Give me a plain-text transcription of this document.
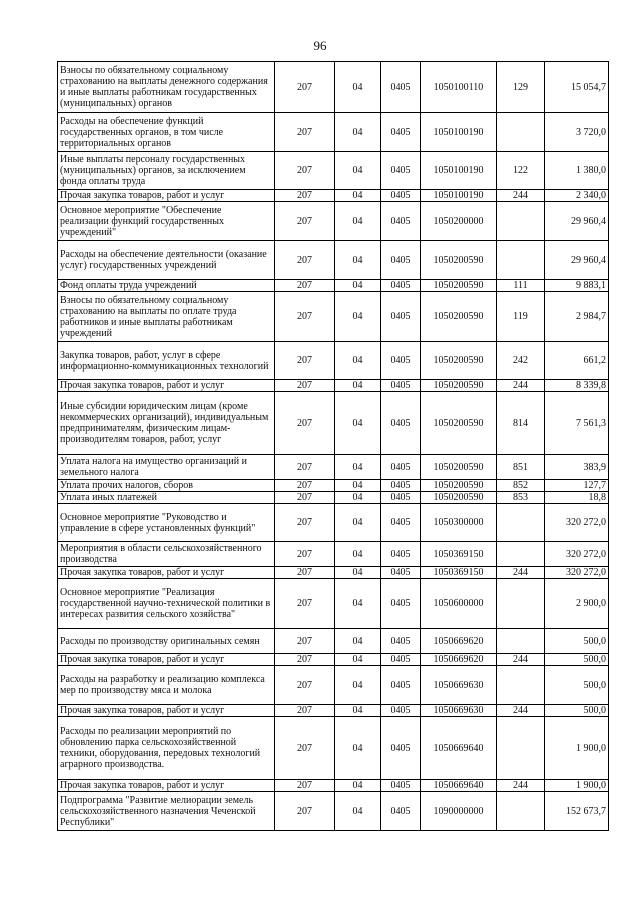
96
Взносы по обязательному социальному страхованию на выплаты денежного содержания и иные выплаты работникам государственных (муниципальных) органов	207	04	0405	1050100110	129	15 054,7
Расходы на обеспечение функций государственных органов, в том числе территориальных органов	207	04	0405	1050100190		3 720,0
Иные выплаты персоналу государственных (муниципальных) органов, за исключением фонда оплаты труда	207	04	0405	1050100190	122	1 380,0
Прочая закупка товаров, работ и услуг	207	04	0405	1050100190	244	2 340,0
Основное мероприятие "Обеспечение реализации функций государственных учреждений"	207	04	0405	1050200000		29 960,4
Расходы на обеспечение деятельности (оказание услуг) государственных учреждений	207	04	0405	1050200590		29 960,4
Фонд оплаты труда учреждений	207	04	0405	1050200590	111	9 883,1
Взносы по обязательному социальному страхованию на выплаты по оплате труда работников и иные выплаты работникам учреждений	207	04	0405	1050200590	119	2 984,7
Закупка товаров, работ, услуг в сфере информационно-коммуникационных технологий	207	04	0405	1050200590	242	661,2
Прочая закупка товаров, работ и услуг	207	04	0405	1050200590	244	8 339,8
Иные субсидии юридическим лицам (кроме некоммерческих организаций), индивидуальным предпринимателям, физическим лицам-производителям товаров, работ, услуг	207	04	0405	1050200590	814	7 561,3
Уплата налога на имущество организаций и земельного налога	207	04	0405	1050200590	851	383,9
Уплата прочих налогов, сборов	207	04	0405	1050200590	852	127,7
Уплата иных платежей	207	04	0405	1050200590	853	18,8
Основное мероприятие "Руководство и управление в сфере установленных функций"	207	04	0405	1050300000		320 272,0
Мероприятия в области сельскохозяйственного производства	207	04	0405	1050369150		320 272,0
Прочая закупка товаров, работ и услуг	207	04	0405	1050369150	244	320 272,0
Основное мероприятие "Реализация государственной научно-технической политики в интересах развития сельского хозяйства"	207	04	0405	1050600000		2 900,0
Расходы по производству оригинальных семян	207	04	0405	1050669620		500,0
Прочая закупка товаров, работ и услуг	207	04	0405	1050669620	244	500,0
Расходы на разработку и реализацию комплекса мер по производству мяса и молока	207	04	0405	1050669630		500,0
Прочая закупка товаров, работ и услуг	207	04	0405	1050669630	244	500,0
Расходы по реализации мероприятий по обновлению парка сельскохозяйственной техники, оборудования, передовых технологий аграрного производства.	207	04	0405	1050669640		1 900,0
Прочая закупка товаров, работ и услуг	207	04	0405	1050669640	244	1 900,0
Подпрограмма "Развитие мелиорации земель сельскохозяйственного назначения Чеченской Республики"	207	04	0405	1090000000		152 673,7
